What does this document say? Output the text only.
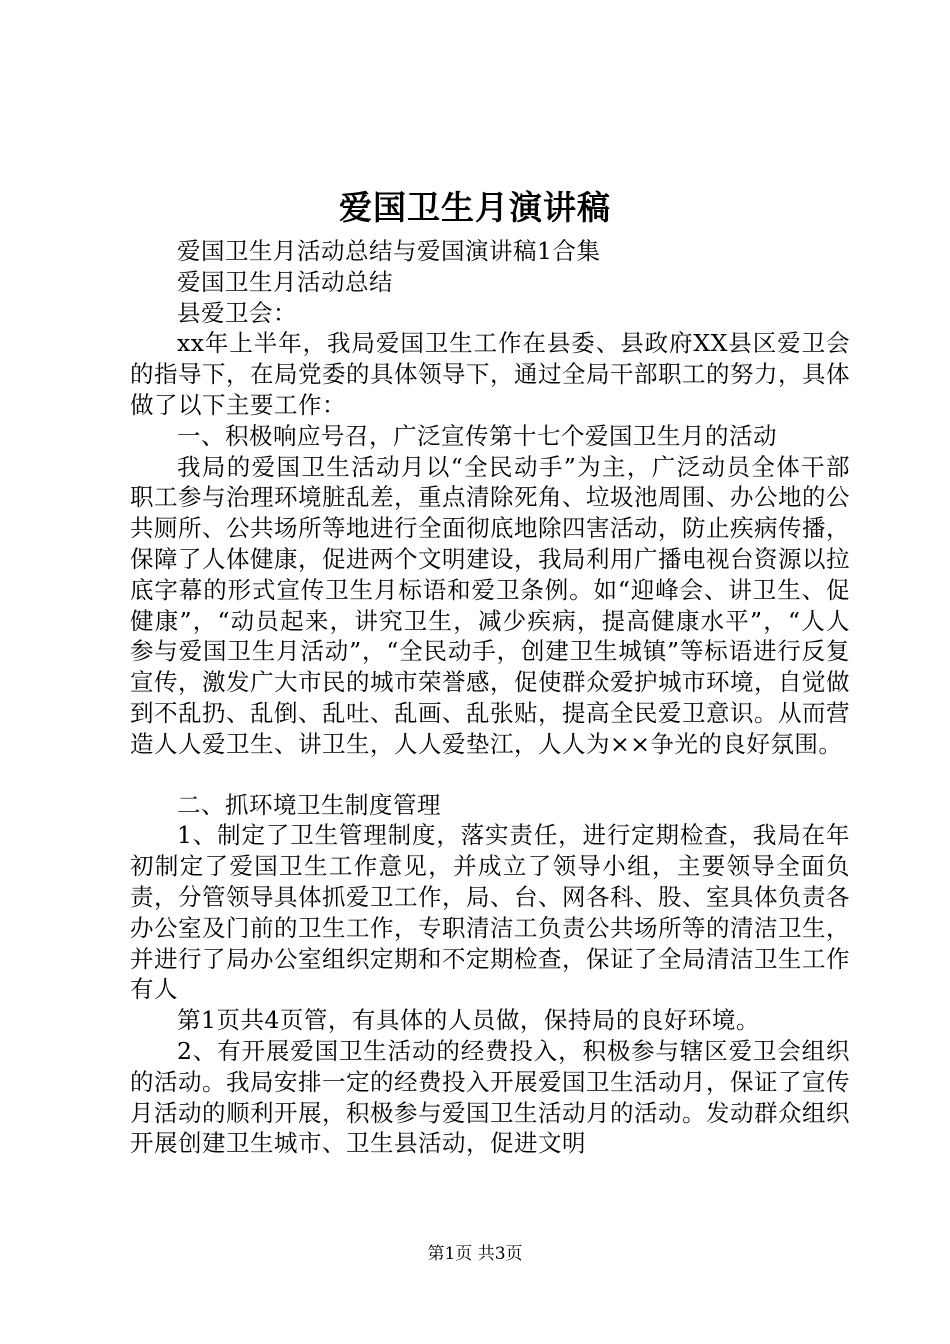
爱国卫生月演讲稿

爱国卫生月活动总结与爱国演讲稿1合集

爱国卫生月活动总结

县爱卫会：

xx年上半年，我局爱国卫生工作在县委、县政府XX县区爱卫会的指导下，在局党委的具体领导下，通过全局干部职工的努力，具体做了以下主要工作：

一、积极响应号召，广泛宣传第十七个爱国卫生月的活动

我局的爱国卫生活动月以“全民动手”为主，广泛动员全体干部职工参与治理环境脏乱差，重点清除死角、垃圾池周围、办公地的公共厕所、公共场所等地进行全面彻底地除四害活动，防止疾病传播，保障了人体健康，促进两个文明建设，我局利用广播电视台资源以拉底字幕的形式宣传卫生月标语和爱卫条例。如“迎峰会、讲卫生、促健康”，“动员起来，讲究卫生，减少疾病，提高健康水平”，“人人参与爱国卫生月活动”，“全民动手，创建卫生城镇”等标语进行反复宣传，激发广大市民的城市荣誉感，促使群众爱护城市环境，自觉做到不乱扔、乱倒、乱吐、乱画、乱张贴，提高全民爱卫意识。从而营造人人爱卫生、讲卫生，人人爱垫江，人人为××争光的良好氛围。

二、抓环境卫生制度管理

1、制定了卫生管理制度，落实责任，进行定期检查，我局在年初制定了爱国卫生工作意见，并成立了领导小组，主要领导全面负责，分管领导具体抓爱卫工作，局、台、网各科、股、室具体负责各办公室及门前的卫生工作，专职清洁工负责公共场所等的清洁卫生，并进行了局办公室组织定期和不定期检查，保证了全局清洁卫生工作有人

第1页共4页管，有具体的人员做，保持局的良好环境。

2、有开展爱国卫生活动的经费投入，积极参与辖区爱卫会组织的活动。我局安排一定的经费投入开展爱国卫生活动月，保证了宣传月活动的顺利开展，积极参与爱国卫生活动月的活动。发动群众组织开展创建卫生城市、卫生县活动，促进文明

第1页 共3页
